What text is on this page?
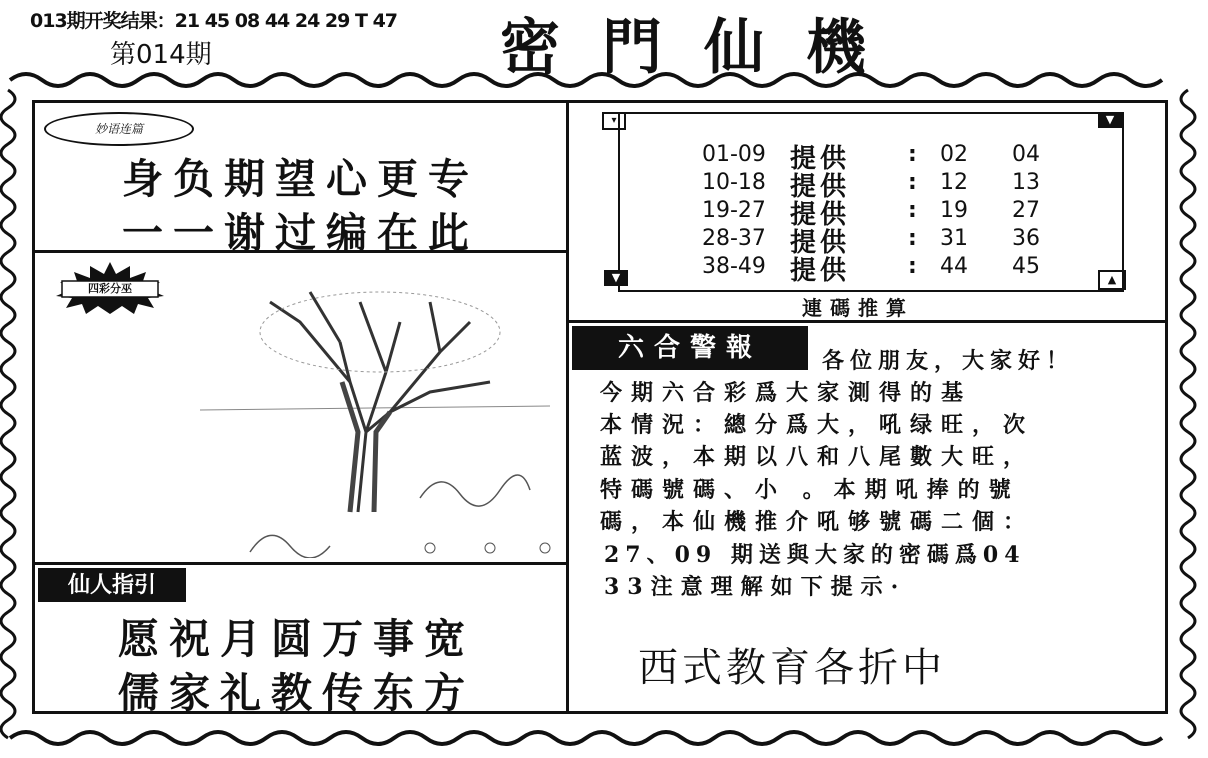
013期开奖结果：21 45 08 44 24 29 T 47
第014期	密門仙機
妙语连篇
身负期望心更专
一一谢过编在此
四彩分巫
仙人指引
愿祝月圆万事宽
儒家礼教传东方
01-09 提供	: 02 04
10-18 提供	: 12 13
19-27 提供	: 19 27
28-37 提供	: 31 36
38-49 提供	: 44 45
▾	▼
▼	▲
連碼推算
六合警報	各位朋友，大家好！
今期六合彩爲大家測得的基
本情況：總分爲大，吼绿旺，次
蓝波，本期以八和八尾數大旺，
特碼號碼、小 。本期吼捧的號
碼，本仙機推介吼够號碼二個：
27、09 期送與大家的密碼爲04
33注意理解如下提示·
西式教育各折中
